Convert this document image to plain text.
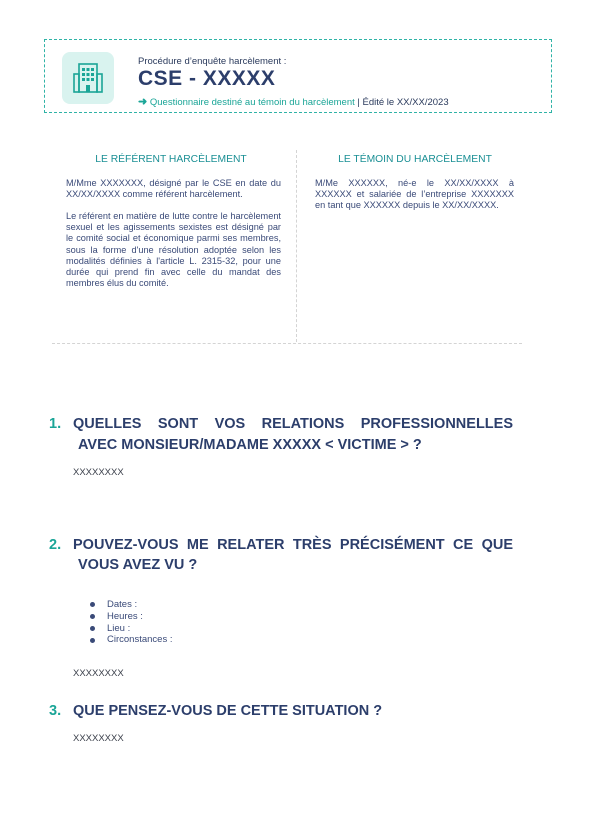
Procédure d’enquête harcèlement :
CSE - XXXXX
➜ Questionnaire destiné au témoin du harcèlement | Édité le XX/XX/2023
LE RÉFÉRENT HARCÈLEMENT
M/Mme XXXXXXX, désigné par le CSE en date du XX/XX/XXXX comme référent harcèlement.
Le référent en matière de lutte contre le harcèlement sexuel et les agissements sexistes est désigné par le comité social et économique parmi ses membres, sous la forme d'une résolution adoptée selon les modalités définies à l'article L. 2315-32, pour une durée qui prend fin avec celle du mandat des membres élus du comité.
LE TÉMOIN DU HARCÈLEMENT
M/Me XXXXXX, né-e le XX/XX/XXXX à XXXXXX et salariée de l’entreprise XXXXXXX en tant que XXXXXX depuis le XX/XX/XXXX.
1. QUELLES SONT VOS RELATIONS PROFESSIONNELLES
AVEC MONSIEUR/MADAME XXXXX < VICTIME > ?
XXXXXXXX
2. POUVEZ-VOUS ME RELATER TRÈS PRÉCISÉMENT CE QUE
VOUS AVEZ VU ?
Dates :
Heures :
Lieu :
Circonstances :
XXXXXXXX
3. QUE PENSEZ-VOUS DE CETTE SITUATION ?
XXXXXXXX
